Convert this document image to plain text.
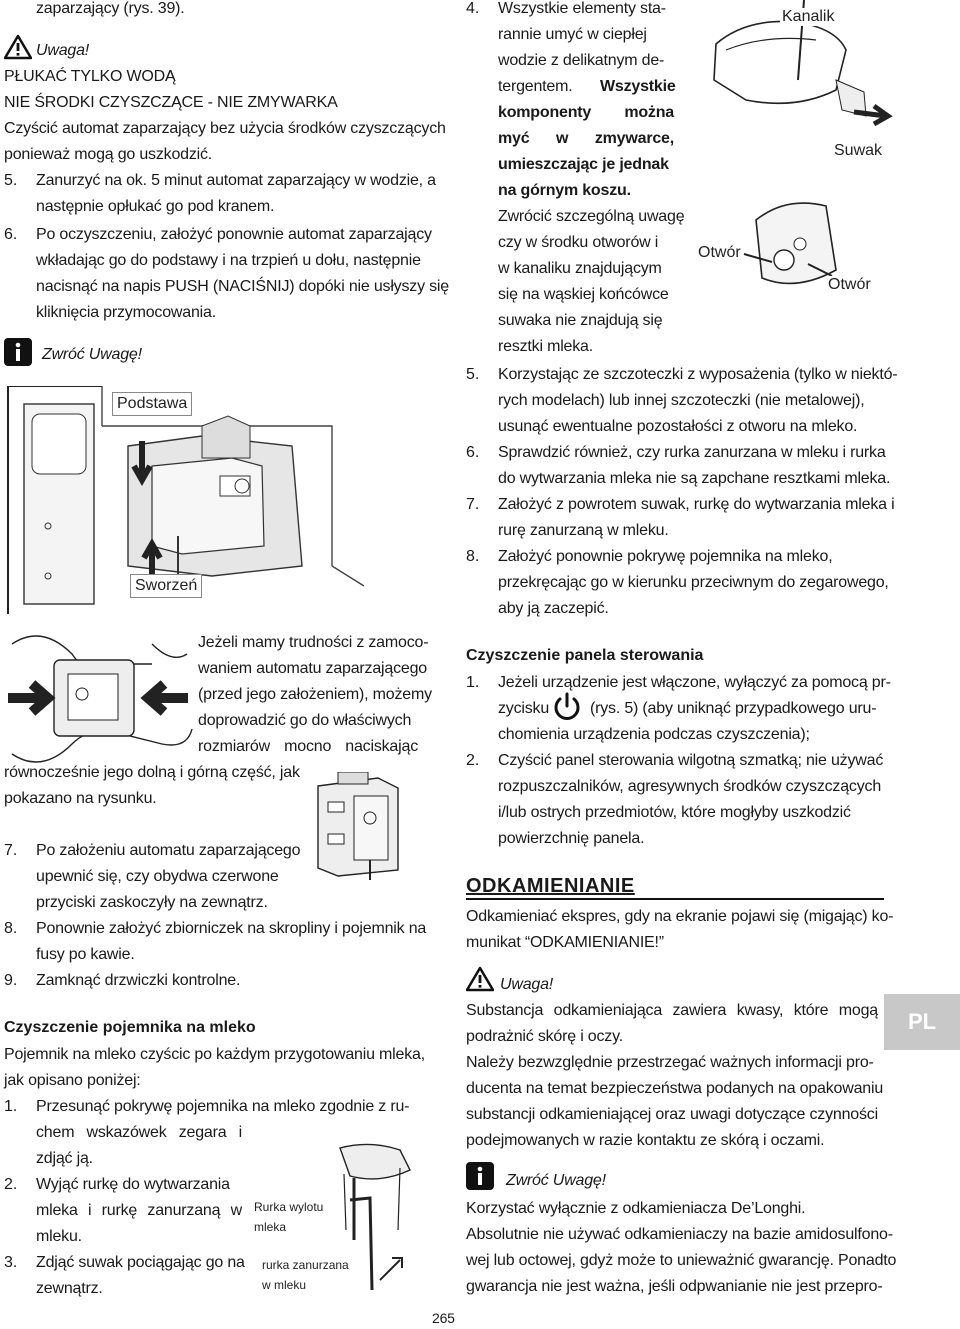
zaparzający (rys. 39).
Uwaga!
PŁUKAĆ TYLKO WODĄ
NIE ŚRODKI CZYSZCZĄCE - NIE ZMYWARKA
Czyścić automat zaparzający bez użycia środków czyszczących
ponieważ mogą go uszkodzić.
5. Zanurzyć na ok. 5 minut automat zaparzający w wodzie, a
następnie opłukać go pod kranem.
6. Po oczyszczeniu, założyć ponownie automat zaparzający
wkładając go do podstawy i na trzpień u dołu, następnie
nacisnąć na napis PUSH (NACIŚNIJ) dopóki nie usłyszy się
kliknięcia przymocowania.
Zwróć Uwagę!
Podstawa
Sworzeń
Jeżeli mamy trudności z zamoco-
waniem automatu zaparzającego
(przed jego założeniem), możemy
doprowadzić go do właściwych
rozmiarów mocno naciskając
równocześnie jego dolną i górną część, jak
pokazano na rysunku.
7. Po założeniu automatu zaparzającego
upewnić się, czy obydwa czerwone
przyciski zaskoczyły na zewnątrz.
8. Ponownie założyć zbiorniczek na skropliny i pojemnik na
fusy po kawie.
9. Zamknąć drzwiczki kontrolne.
Czyszczenie pojemnika na mleko
Pojemnik na mleko czyścic po każdym przygotowaniu mleka,
jak opisano poniżej:
1. Przesunąć pokrywę pojemnika na mleko zgodnie z ru-
chem wskazówek zegara i
zdjąć ją.
2. Wyjąć rurkę do wytwarzania
mleka i rurkę zanurzaną w
mleku.
3. Zdjąć suwak pociągając go na
zewnątrz.
Rurka wylotu
mleka
rurka zanurzana
w mleku
4. Wszystkie elementy sta-
rannie umyć w ciepłej
wodzie z delikatnym de-
tergentem. Wszystkie
komponenty można
myć w zmywarce,
umieszczając je jednak
na górnym koszu.
Zwrócić szczególną uwagę
czy w środku otworów i
w kanaliku znajdującym
się na wąskiej końcówce
suwaka nie znajdują się
resztki mleka.
Kanalik
Suwak
Otwór
Otwór
5. Korzystając ze szczoteczki z wyposażenia (tylko w niektó-
rych modelach) lub innej szczoteczki (nie metalowej),
usunąć ewentualne pozostałości z otworu na mleko.
6. Sprawdzić również, czy rurka zanurzana w mleku i rurka
do wytwarzania mleka nie są zapchane resztkami mleka.
7. Założyć z powrotem suwak, rurkę do wytwarzania mleka i
rurę zanurzaną w mleku.
8. Założyć ponownie pokrywę pojemnika na mleko,
przekręcając go w kierunku przeciwnym do zegarowego,
aby ją zaczepić.
Czyszczenie panela sterowania
1. Jeżeli urządzenie jest włączone, wyłączyć za pomocą pr-
zycisku	(rys. 5) (aby uniknąć przypadkowego uru-
chomienia urządzenia podczas czyszczenia);
2. Czyścić panel sterowania wilgotną szmatką; nie używać
rozpuszczalników, agresywnych środków czyszczących
i/lub ostrych przedmiotów, które mogłyby uszkodzić
powierzchnię panela.
ODKAMIENIANIE
Odkamieniać ekspres, gdy na ekranie pojawi się (migając) ko-
munikat “ODKAMIENIANIE!”
Uwaga!
Substancja odkamieniająca zawiera kwasy, które mogą
podrażnić skórę i oczy.
Należy bezwzględnie przestrzegać ważnych informacji pro-
ducenta na temat bezpieczeństwa podanych na opakowaniu
substancji odkamieniającej oraz uwagi dotyczące czynności
podejmowanych w razie kontaktu ze skórą i oczami.
Zwróć Uwagę!
Korzystać wyłącznie z odkamieniacza De’Longhi.
Absolutnie nie używać odkamieniaczy na bazie amidosulfono-
wej lub octowej, gdyż może to unieważnić gwarancję. Ponadto
gwarancja nie jest ważna, jeśli odpwanianie nie jest przepro-
PL
265
